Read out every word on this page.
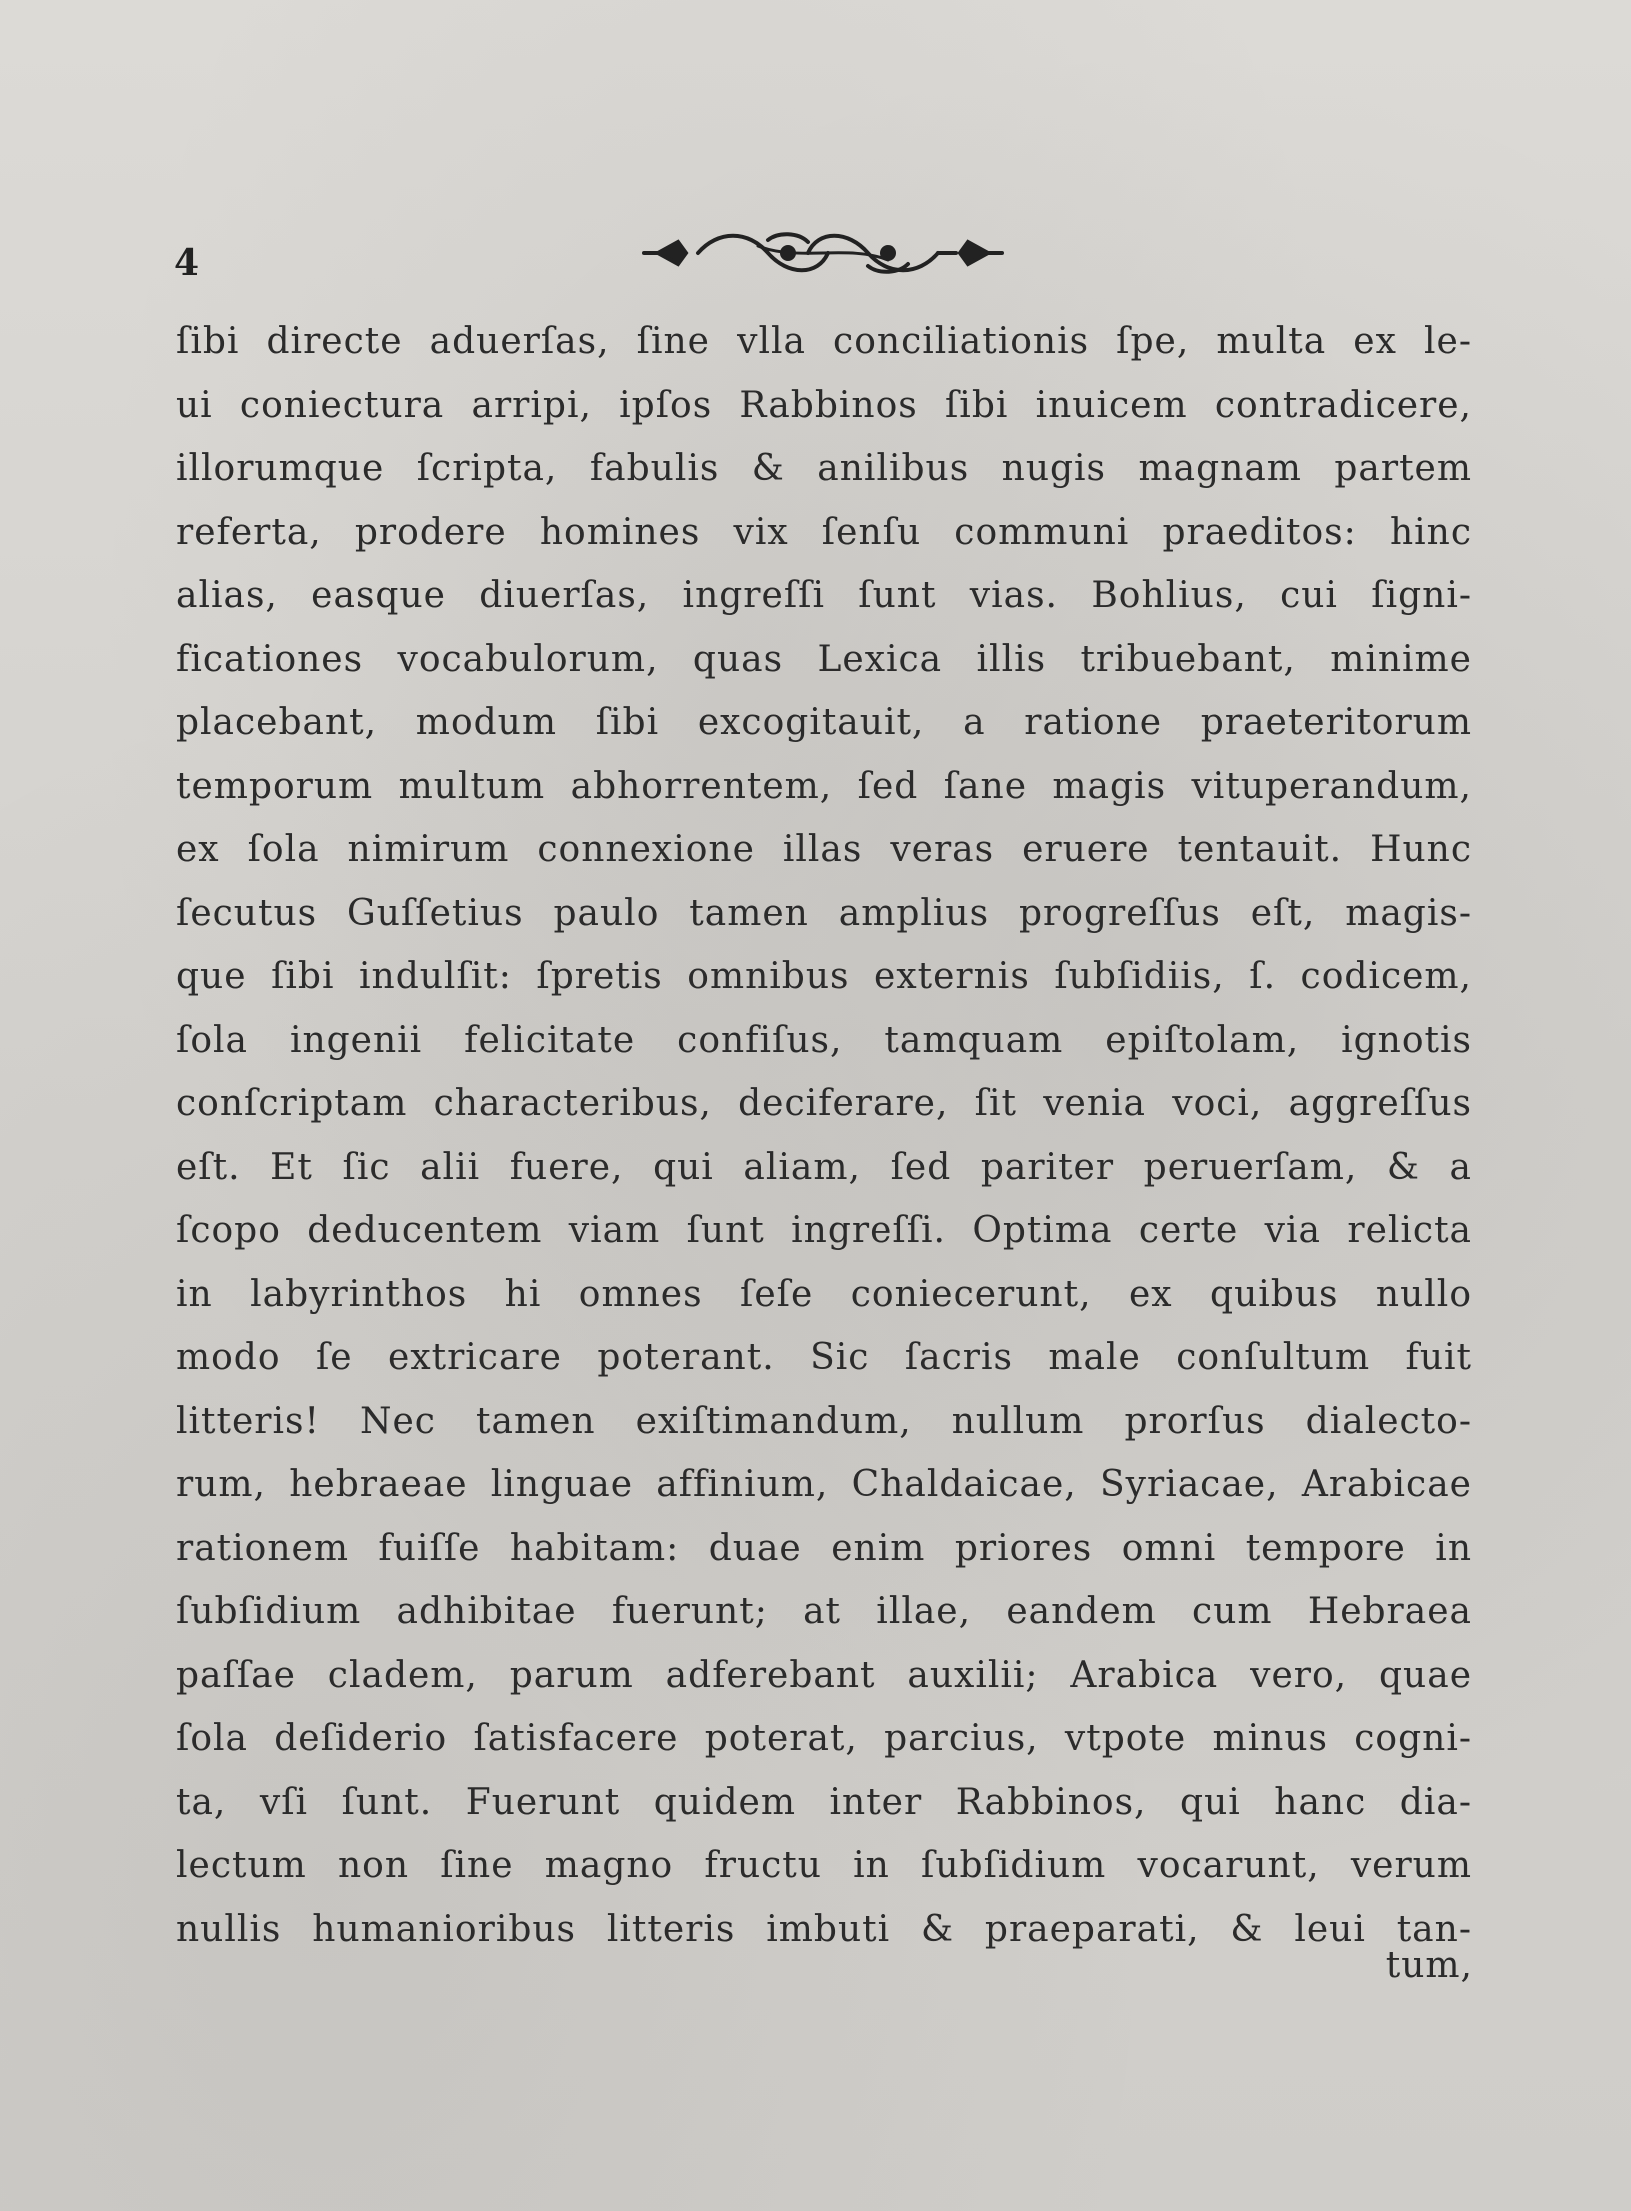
4

ſibi directe aduerſas, ſine vlla conciliationis ſpe, multa ex le-

ui coniectura arripi, ipſos Rabbinos ſibi inuicem contradicere,

illorumque ſcripta, fabulis & anilibus nugis magnam partem

referta, prodere homines vix ſenſu communi praeditos: hinc

alias, easque diuerſas, ingreſſi ſunt vias. Bohlius, cui ſigni-

ficationes vocabulorum, quas Lexica illis tribuebant, minime

placebant, modum ſibi excogitauit, a ratione praeteritorum

temporum multum abhorrentem, ſed ſane magis vituperandum,

ex ſola nimirum connexione illas veras eruere tentauit. Hunc

ſecutus Guſſetius paulo tamen amplius progreſſus eſt, magis-

que ſibi indulſit: ſpretis omnibus externis ſubſidiis, ſ. codicem,

ſola ingenii felicitate confiſus, tamquam epiſtolam, ignotis

conſcriptam characteribus, deciferare, ſit venia voci, aggreſſus

eſt. Et ſic alii fuere, qui aliam, ſed pariter peruerſam, & a

ſcopo deducentem viam ſunt ingreſſi. Optima certe via relicta

in labyrinthos hi omnes ſeſe coniecerunt, ex quibus nullo

modo ſe extricare poterant. Sic ſacris male conſultum fuit

litteris! Nec tamen exiſtimandum, nullum prorſus dialecto-

rum, hebraeae linguae affinium, Chaldaicae, Syriacae, Arabicae

rationem fuiſſe habitam: duae enim priores omni tempore in

ſubſidium adhibitae fuerunt; at illae, eandem cum Hebraea

paſſae cladem, parum adferebant auxilii; Arabica vero, quae

ſola deſiderio ſatisfacere poterat, parcius, vtpote minus cogni-

ta, vſi ſunt. Fuerunt quidem inter Rabbinos, qui hanc dia-

lectum non ſine magno fructu in ſubſidium vocarunt, verum

nullis humanioribus litteris imbuti & praeparati, & leui tan-

tum,
